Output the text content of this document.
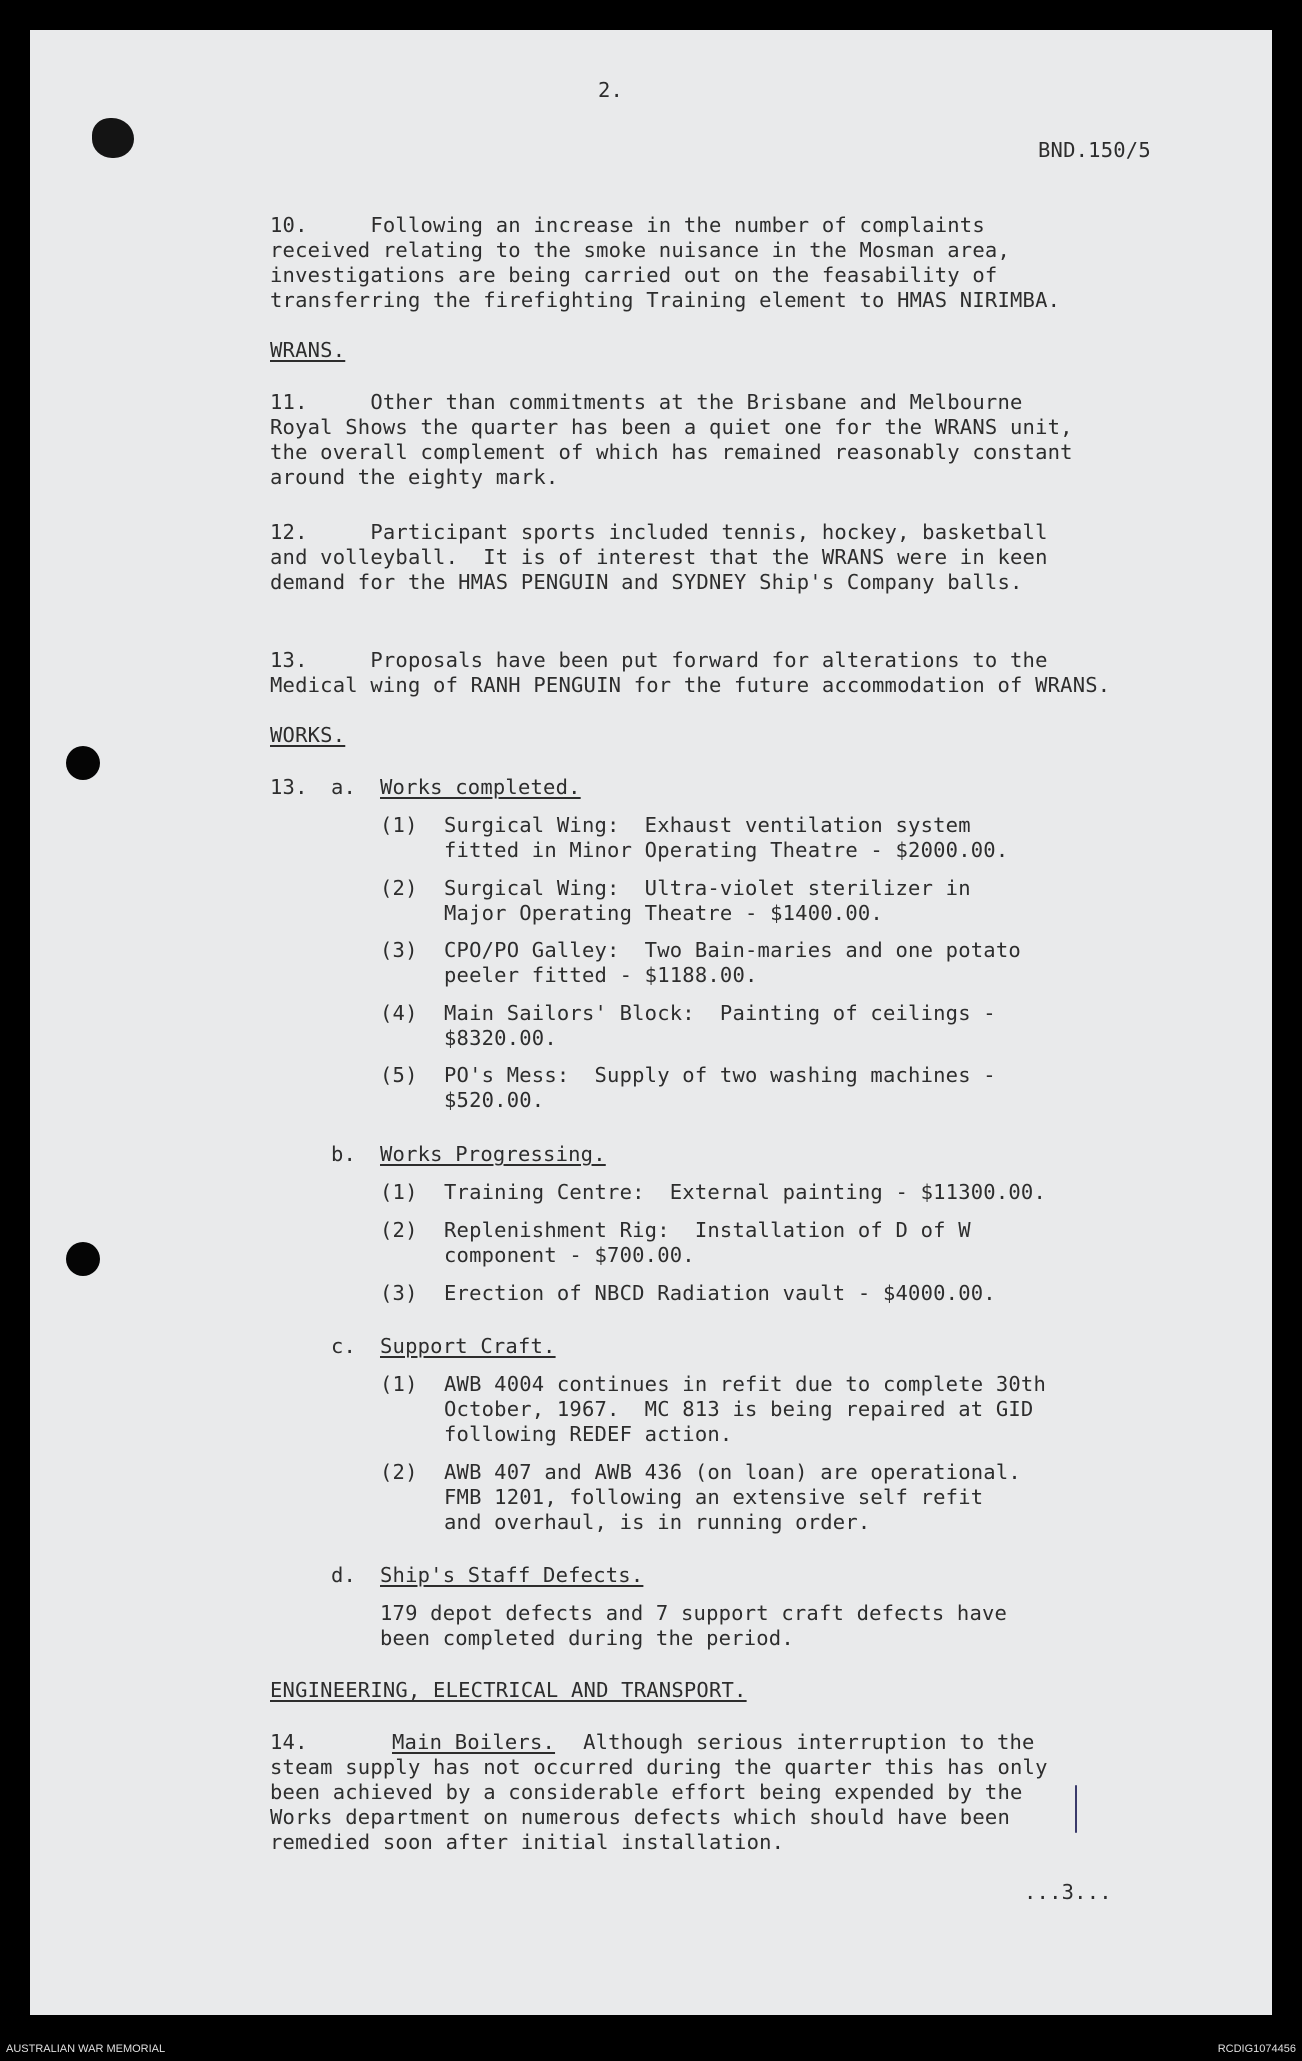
2.
BND.150/5
10.     Following an increase in the number of complaints
received relating to the smoke nuisance in the Mosman area,
investigations are being carried out on the feasability of
transferring the firefighting Training element to HMAS NIRIMBA.
WRANS.
11.     Other than commitments at the Brisbane and Melbourne
Royal Shows the quarter has been a quiet one for the WRANS unit,
the overall complement of which has remained reasonably constant
around the eighty mark.
12.     Participant sports included tennis, hockey, basketball
and volleyball.  It is of interest that the WRANS were in keen
demand for the HMAS PENGUIN and SYDNEY Ship's Company balls.
13.     Proposals have been put forward for alterations to the
Medical wing of RANH PENGUIN for the future accommodation of WRANS.
WORKS.
13. a. Works completed.
(1) Surgical Wing:  Exhaust ventilation system
fitted in Minor Operating Theatre - $2000.00.
(2) Surgical Wing:  Ultra-violet sterilizer in
Major Operating Theatre - $1400.00.
(3) CPO/PO Galley:  Two Bain-maries and one potato
peeler fitted - $1188.00.
(4) Main Sailors' Block:  Painting of ceilings -
$8320.00.
(5) PO's Mess:  Supply of two washing machines -
$520.00.
b. Works Progressing.
(1) Training Centre:  External painting - $11300.00.
(2) Replenishment Rig:  Installation of D of W
component - $700.00.
(3) Erection of NBCD Radiation vault - $4000.00.
c. Support Craft.
(1) AWB 4004 continues in refit due to complete 30th
October, 1967.  MC 813 is being repaired at GID
following REDEF action.
(2) AWB 407 and AWB 436 (on loan) are operational.
FMB 1201, following an extensive self refit
and overhaul, is in running order.
d. Ship's Staff Defects.
179 depot defects and 7 support craft defects have
been completed during the period.
ENGINEERING, ELECTRICAL AND TRANSPORT.
14.	Main Boilers. Although serious interruption to the
steam supply has not occurred during the quarter this has only
been achieved by a considerable effort being expended by the
Works department on numerous defects which should have been
remedied soon after initial installation.
...3...
AUSTRALIAN WAR MEMORIAL	RCDIG1074456
